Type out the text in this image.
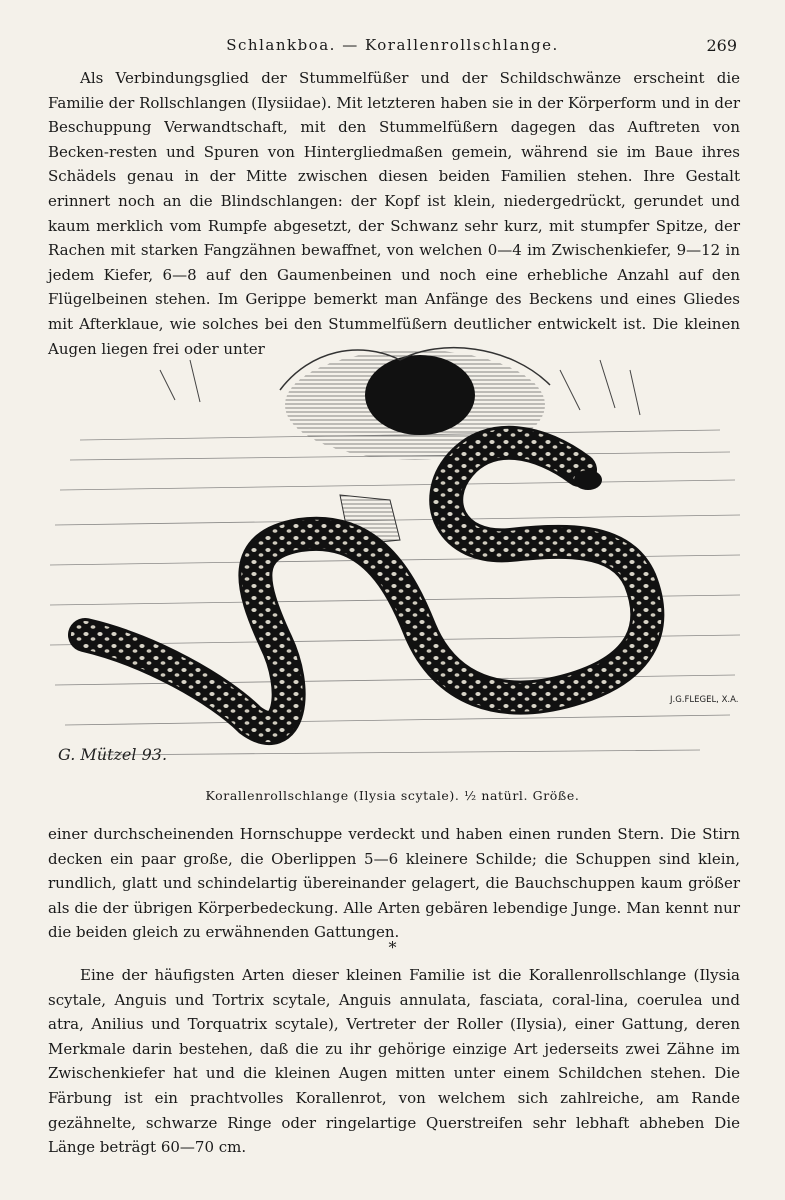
Schlankboa. — Korallenrollschlange.	269

Als Verbindungsglied der Stummelfüßer und der Schildschwänze erscheint die Familie der Rollschlangen (Ilysiidae). Mit letzteren haben sie in der Körperform und in der Beschuppung Verwandtschaft, mit den Stummelfüßern dagegen das Auftreten von Becken-resten und Spuren von Hintergliedmaßen gemein, während sie im Baue ihres Schädels genau in der Mitte zwischen diesen beiden Familien stehen. Ihre Gestalt erinnert noch an die Blindschlangen: der Kopf ist klein, niedergedrückt, gerundet und kaum merklich vom Rumpfe abgesetzt, der Schwanz sehr kurz, mit stumpfer Spitze, der Rachen mit starken Fangzähnen bewaffnet, von welchen 0—4 im Zwischenkiefer, 9—12 in jedem Kiefer, 6—8 auf den Gaumenbeinen und noch eine erhebliche Anzahl auf den Flügelbeinen stehen. Im Gerippe bemerkt man Anfänge des Beckens und eines Gliedes mit Afterklaue, wie solches bei den Stummelfüßern deutlicher entwickelt ist. Die kleinen Augen liegen frei oder unter

G. Mützel 93.
J.G.FLEGEL, X.A.
Korallenrollschlange (Ilysia scytale). ½ natürl. Größe.

einer durchscheinenden Hornschuppe verdeckt und haben einen runden Stern. Die Stirn decken ein paar große, die Oberlippen 5—6 kleinere Schilde; die Schuppen sind klein, rundlich, glatt und schindelartig übereinander gelagert, die Bauchschuppen kaum größer als die der übrigen Körperbedeckung. Alle Arten gebären lebendige Junge. Man kennt nur die beiden gleich zu erwähnenden Gattungen.

*

Eine der häufigsten Arten dieser kleinen Familie ist die Korallenrollschlange (Ilysia scytale, Anguis und Tortrix scytale, Anguis annulata, fasciata, coral-lina, coerulea und atra, Anilius und Torquatrix scytale), Vertreter der Roller (Ilysia), einer Gattung, deren Merkmale darin bestehen, daß die zu ihr gehörige einzige Art jederseits zwei Zähne im Zwischenkiefer hat und die kleinen Augen mitten unter einem Schildchen stehen. Die Färbung ist ein prachtvolles Korallenrot, von welchem sich zahlreiche, am Rande gezähnelte, schwarze Ringe oder ringelartige Querstreifen sehr lebhaft abheben Die Länge beträgt 60—70 cm.
